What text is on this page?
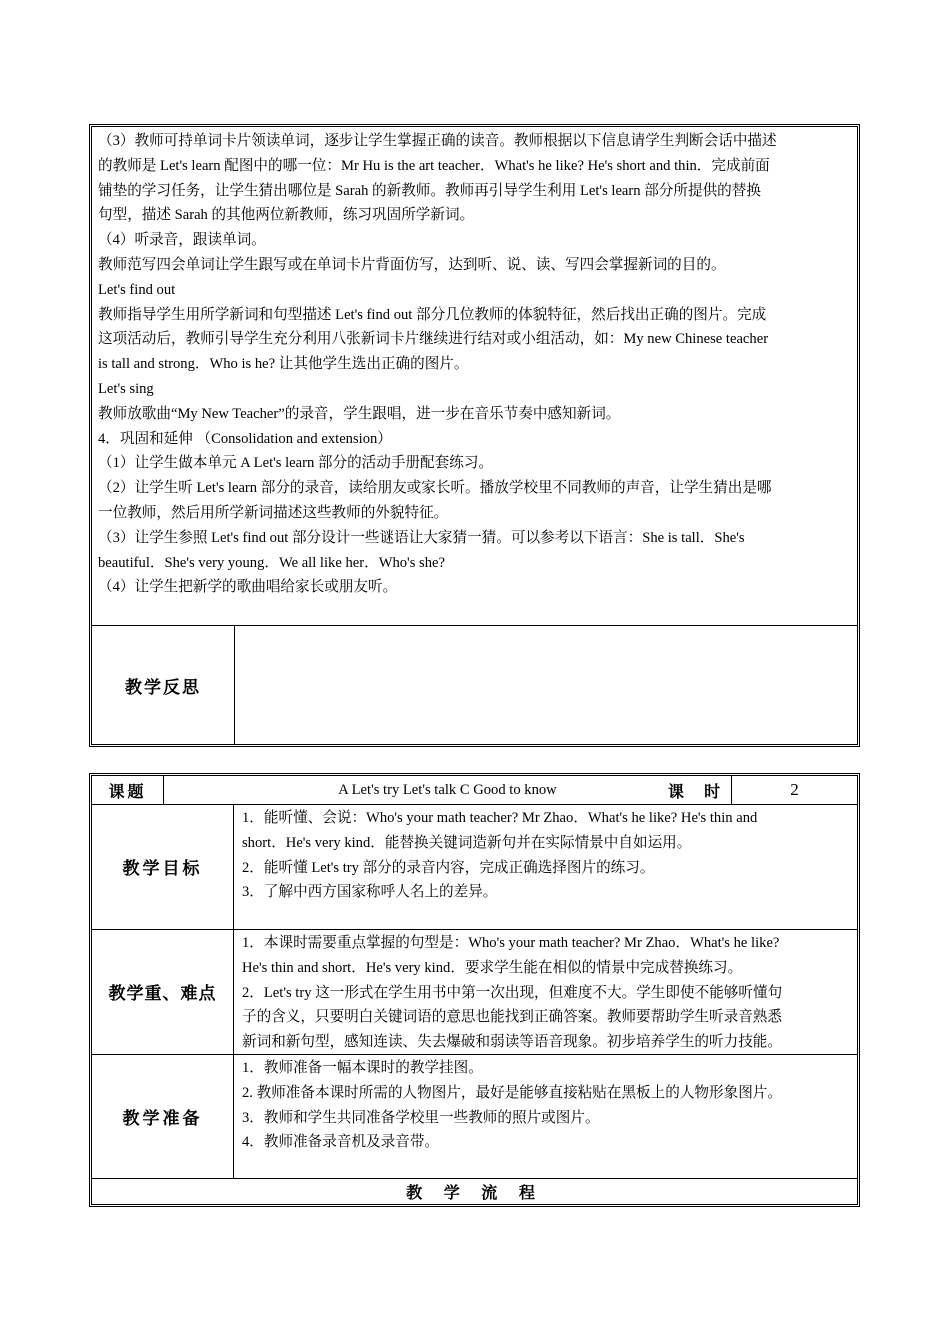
（3）教师可持单词卡片领读单词，逐步让学生掌握正确的读音。教师根据以下信息请学生判断会话中描述

的教师是 Let's learn 配图中的哪一位：Mr Hu is the art teacher．What's he like? He's short and thin．完成前面

铺垫的学习任务，让学生猜出哪位是 Sarah 的新教师。教师再引导学生利用 Let's learn 部分所提供的替换

句型，描述 Sarah 的其他两位新教师，练习巩固所学新词。

（4）听录音，跟读单词。

教师范写四会单词让学生跟写或在单词卡片背面仿写，达到听、说、读、写四会掌握新词的目的。

Let's find out

教师指导学生用所学新词和句型描述 Let's find out 部分几位教师的体貌特征，然后找出正确的图片。完成

这项活动后，教师引导学生充分利用八张新词卡片继续进行结对或小组活动，如：My new Chinese teacher

is tall and strong．Who is he? 让其他学生选出正确的图片。

Let's sing

教师放歌曲“My New Teacher”的录音，学生跟唱，进一步在音乐节奏中感知新词。

4．巩固和延伸 （Consolidation and extension）

（1）让学生做本单元 A Let's learn 部分的活动手册配套练习。

（2）让学生听 Let's learn 部分的录音，读给朋友或家长听。播放学校里不同教师的声音，让学生猜出是哪

一位教师，然后用所学新词描述这些教师的外貌特征。

（3）让学生参照 Let's find out 部分设计一些谜语让大家猜一猜。可以参考以下语言：She is tall．She's

beautiful．She's very young．We all like her．Who's she?

（4）让学生把新学的歌曲唱给家长或朋友听。

教学反思
课题	A Let's try Let's talk C Good to know	课  时	2
教学目标

1．能听懂、会说：Who's your math teacher? Mr Zhao．What's he like? He's thin and

short．He's very kind．能替换关键词造新句并在实际情景中自如运用。

2．能听懂 Let's try 部分的录音内容，完成正确选择图片的练习。

3．了解中西方国家称呼人名上的差异。

教学重、难点

1．本课时需要重点掌握的句型是：Who's your math teacher? Mr Zhao．What's he like?

He's thin and short．He's very kind．要求学生能在相似的情景中完成替换练习。

2．Let's try 这一形式在学生用书中第一次出现，但难度不大。学生即使不能够听懂句

子的含义，只要明白关键词语的意思也能找到正确答案。教师要帮助学生听录音熟悉

新词和新句型，感知连读、失去爆破和弱读等语音现象。初步培养学生的听力技能。

教学准备

1．教师准备一幅本课时的教学挂图。

2. 教师准备本课时所需的人物图片，最好是能够直接粘贴在黑板上的人物形象图片。

3．教师和学生共同准备学校里一些教师的照片或图片。

4．教师准备录音机及录音带。

教 学 流 程
